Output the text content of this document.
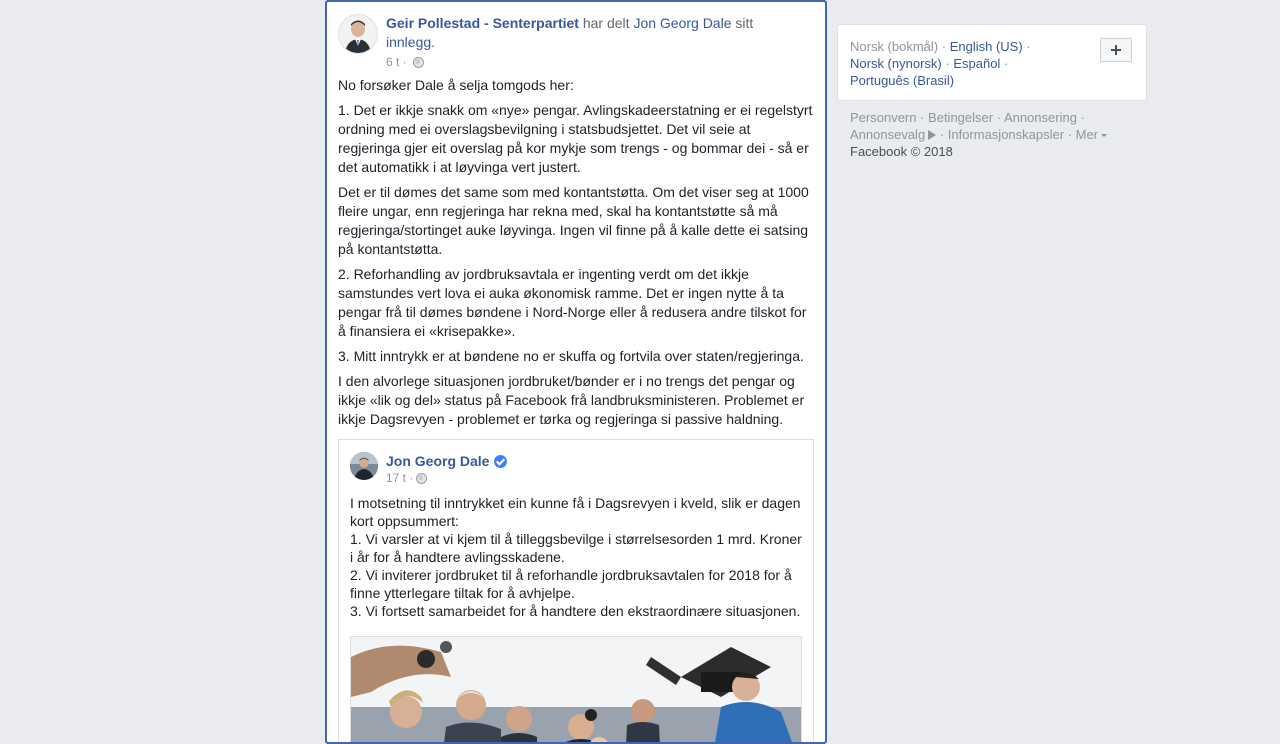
Geir Pollestad - Senterpartiet har delt Jon Georg Dale sitt
innlegg.
6 t ·

No forsøker Dale å selja tomgods her:

1. Det er ikkje snakk om «nye» pengar. Avlingskadeerstatning er ei regelstyrt ordning med ei overslagsbevilgning i statsbudsjettet. Det vil seie at regjeringa gjer eit overslag på kor mykje som trengs - og bommar dei - så er det automatikk i at løyvinga vert justert.

Det er til dømes det same som med kontantstøtta. Om det viser seg at 1000 fleire ungar, enn regjeringa har rekna med, skal ha kontantstøtte så må regjeringa/stortinget auke løyvinga. Ingen vil finne på å kalle dette ei satsing på kontantstøtta.

2. Reforhandling av jordbruksavtala er ingenting verdt om det ikkje samstundes vert lova ei auka økonomisk ramme. Det er ingen nytte å ta pengar frå til dømes bøndene i Nord-Norge eller å redusera andre tilskot for å finansiera ei «krisepakke».

3. Mitt inntrykk er at bøndene no er skuffa og fortvila over staten/regjeringa.

I den alvorlege situasjonen jordbruket/bønder er i no trengs det pengar og ikkje «lik og del» status på Facebook frå landbruksministeren. Problemet er ikkje Dagsrevyen - problemet er tørka og regjeringa si passive haldning.

Jon Georg Dale
17 t ·
I motsetning til inntrykket ein kunne få i Dagsrevyen i kveld, slik er dagen kort oppsummert:
1. Vi varsler at vi kjem til å tilleggsbevilge i størrelsesorden 1 mrd. Kroner i år for å handtere avlingsskadene.
2. Vi inviterer jordbruket til å reforhandle jordbruksavtalen for 2018 for å finne ytterlegare tiltak for å avhjelpe.
3. Vi fortsett samarbeidet for å handtere den ekstraordinære situasjonen.
Norsk (bokmål) · English (US) ·
Norsk (nynorsk) · Español ·
Português (Brasil)
Personvern · Betingelser · Annonsering ·
Annonsevalg · Informasjonskapsler · Mer
Facebook © 2018
